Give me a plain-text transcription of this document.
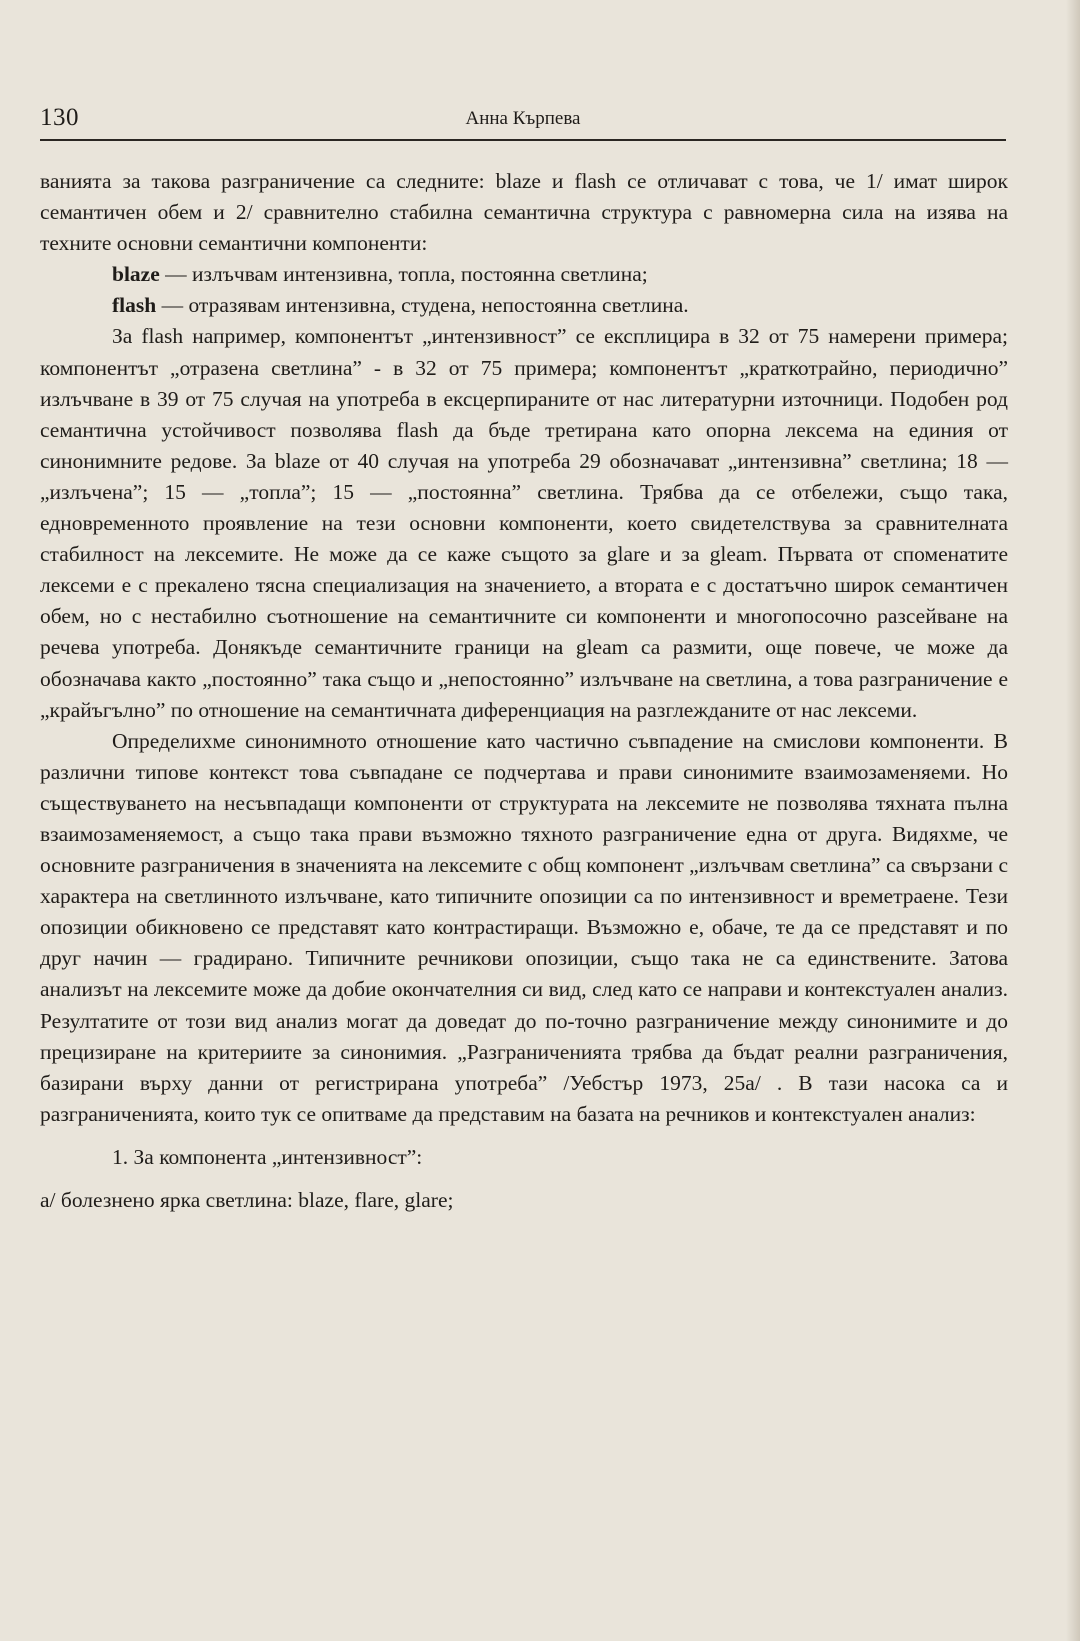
130	Анна Кърпева

ванията за такова разграничение са следните: blaze и flash се отличават с това, че 1/ имат широк семантичен обем и 2/ сравнително стабилна семантична структура с равномерна сила на изява на техните основни семантични компоненти:

blaze — излъчвам интензивна, топла, постоянна светлина;

flash — отразявам интензивна, студена, непостоянна светлина.

За flash например, компонентът „интензивност” се експлицира в 32 от 75 намерени примера; компонентът „отразена светлина” - в 32 от 75 примера; компонентът „краткотрайно, периодично” излъчване в 39 от 75 случая на употреба в ексцерпираните от нас литературни източници. Подобен род семантична устойчивост позволява flash да бъде третирана като опорна лексема на единия от синонимните редове. За blaze от 40 случая на употреба 29 обозначават „интензивна” светлина; 18 — „излъчена”; 15 — „топла”; 15 — „постоянна” светлина. Трябва да се отбележи, също така, едновременното проявление на тези основни компоненти, което свидетелствува за сравнителната стабилност на лексемите. Не може да се каже същото за glare и за gleam. Първата от споменатите лексеми е с прекалено тясна специализация на значението, а втората е с достатъчно широк семантичен обем, но с нестабилно съотношение на семантичните си компоненти и многопосочно разсейване на речева употреба. Донякъде семантичните граници на gleam са размити, още повече, че може да обозначава както „постоянно” така също и „непостоянно” излъчване на светлина, а това разграничение е „крайъгълно” по отношение на семантичната диференциация на разглежданите от нас лексеми.

Определихме синонимното отношение като частично съвпадение на смислови компоненти. В различни типове контекст това съвпадане се подчертава и прави синонимите взаимозаменяеми. Но съществуването на несъвпадащи компоненти от структурата на лексемите не позволява тяхната пълна взаимозаменяемост, а също така прави възможно тяхното разграничение една от друга. Видяхме, че основните разграничения в значенията на лексемите с общ компонент „излъчвам светлина” са свързани с характера на светлинното излъчване, като типичните опозиции са по интензивност и времетраене. Тези опозиции обикновено се представят като контрастиращи. Възможно е, обаче, те да се представят и по друг начин — градирано. Типичните речникови опозиции, също така не са единствените. Затова анализът на лексемите може да добие окончателния си вид, след като се направи и контекстуален анализ. Резултатите от този вид анализ могат да доведат до по-точно разграничение между синонимите и до прецизиране на критериите за синонимия. „Разграниченията трябва да бъдат реални разграничения, базирани върху данни от регистрирана употреба” /Уебстър 1973, 25а/ . В тази насока са и разграниченията, които тук се опитваме да представим на базата на речников и контекстуален анализ:

1. За компонента „интензивност”:

а/ болезнено ярка светлина: blaze, flare, glare;
